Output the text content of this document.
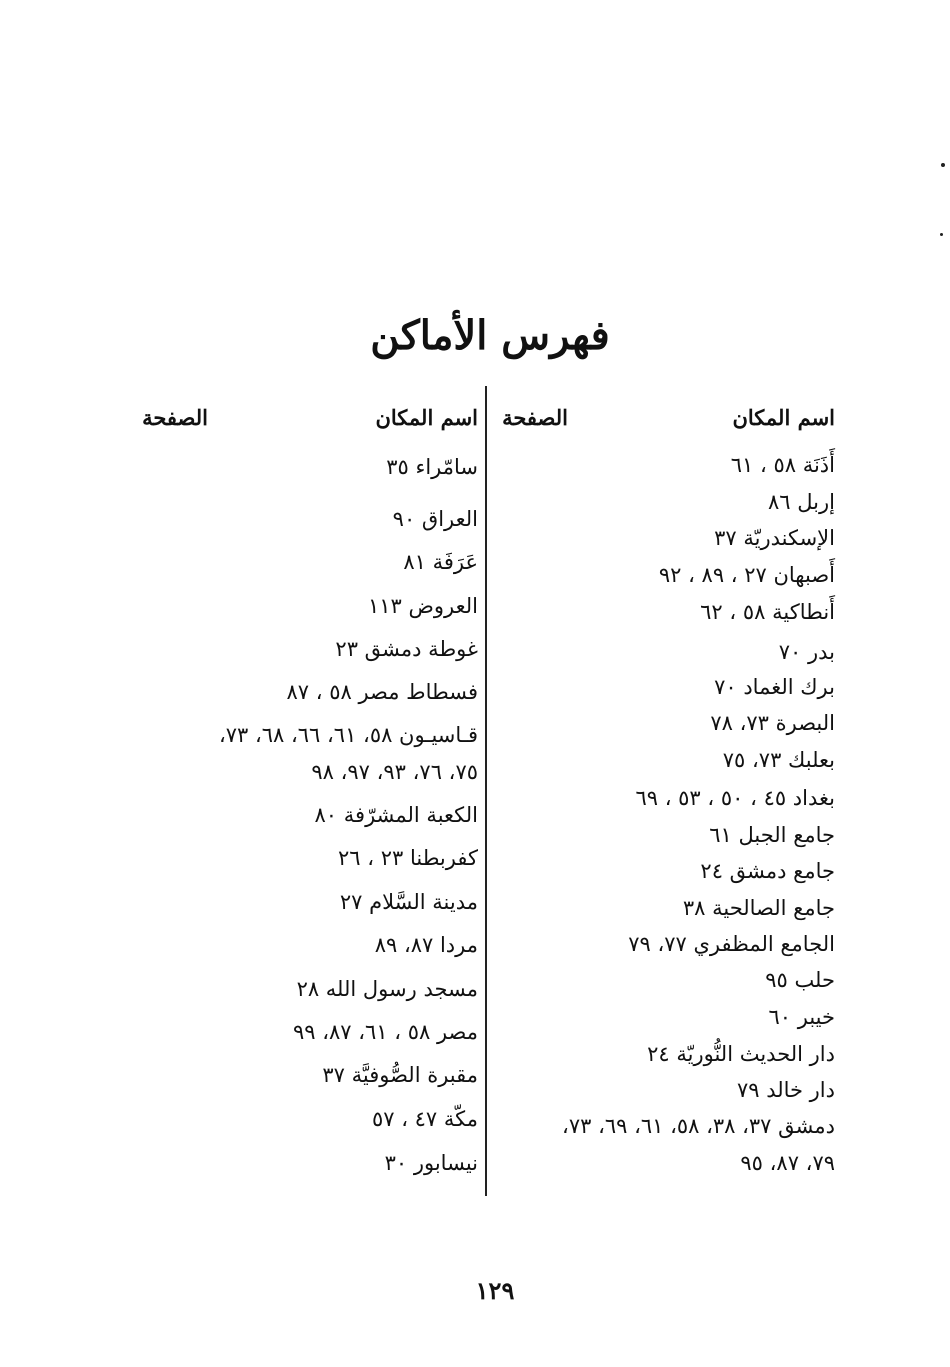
فهرس الأماكن
اسم المكان
الصفحة
اسم المكان
الصفحة
أَذَنَة ٥٨ ، ٦١
إربل ٨٦
الإسكندريّة ٣٧
أَصبهان ٢٧ ، ٨٩ ، ٩٢
أَنطاكية ٥٨ ، ٦٢
بدر ٧٠
برك الغماد ٧٠
البصرة ٧٣، ٧٨
بعلبك ٧٣، ٧٥
بغداد ٤٥ ، ٥٠ ، ٥٣ ، ٦٩
جامع الجبل ٦١
جامع دمشق ٢٤
جامع الصالحية ٣٨
الجامع المظفري ٧٧، ٧٩
حلب ٩٥
خيبر ٦٠
دار الحديث النُّوريّة ٢٤
دار خالد ٧٩
دمشق ٣٧، ٣٨، ٥٨، ٦١، ٦٩، ٧٣،
٧٩، ٨٧، ٩٥
سامّراء ٣٥
العراق ٩٠
عَرَفَة ٨١
العروض ١١٣
غوطة دمشق ٢٣
فسطاط مصر ٥٨ ، ٨٧
قـاسيـون ٥٨، ٦١، ٦٦، ٦٨، ٧٣،
٧٥، ٧٦، ٩٣، ٩٧، ٩٨
الكعبة المشرّفة ٨٠
كفربطنا ٢٣ ، ٢٦
مدينة السَّلام ٢٧
مردا ٨٧، ٨٩
مسجد رسول الله ٢٨
مصر ٥٨ ، ٦١، ٨٧، ٩٩
مقبرة الصُّوفيَّة ٣٧
مكّة ٤٧ ، ٥٧
نيسابور ٣٠
١٢٩
